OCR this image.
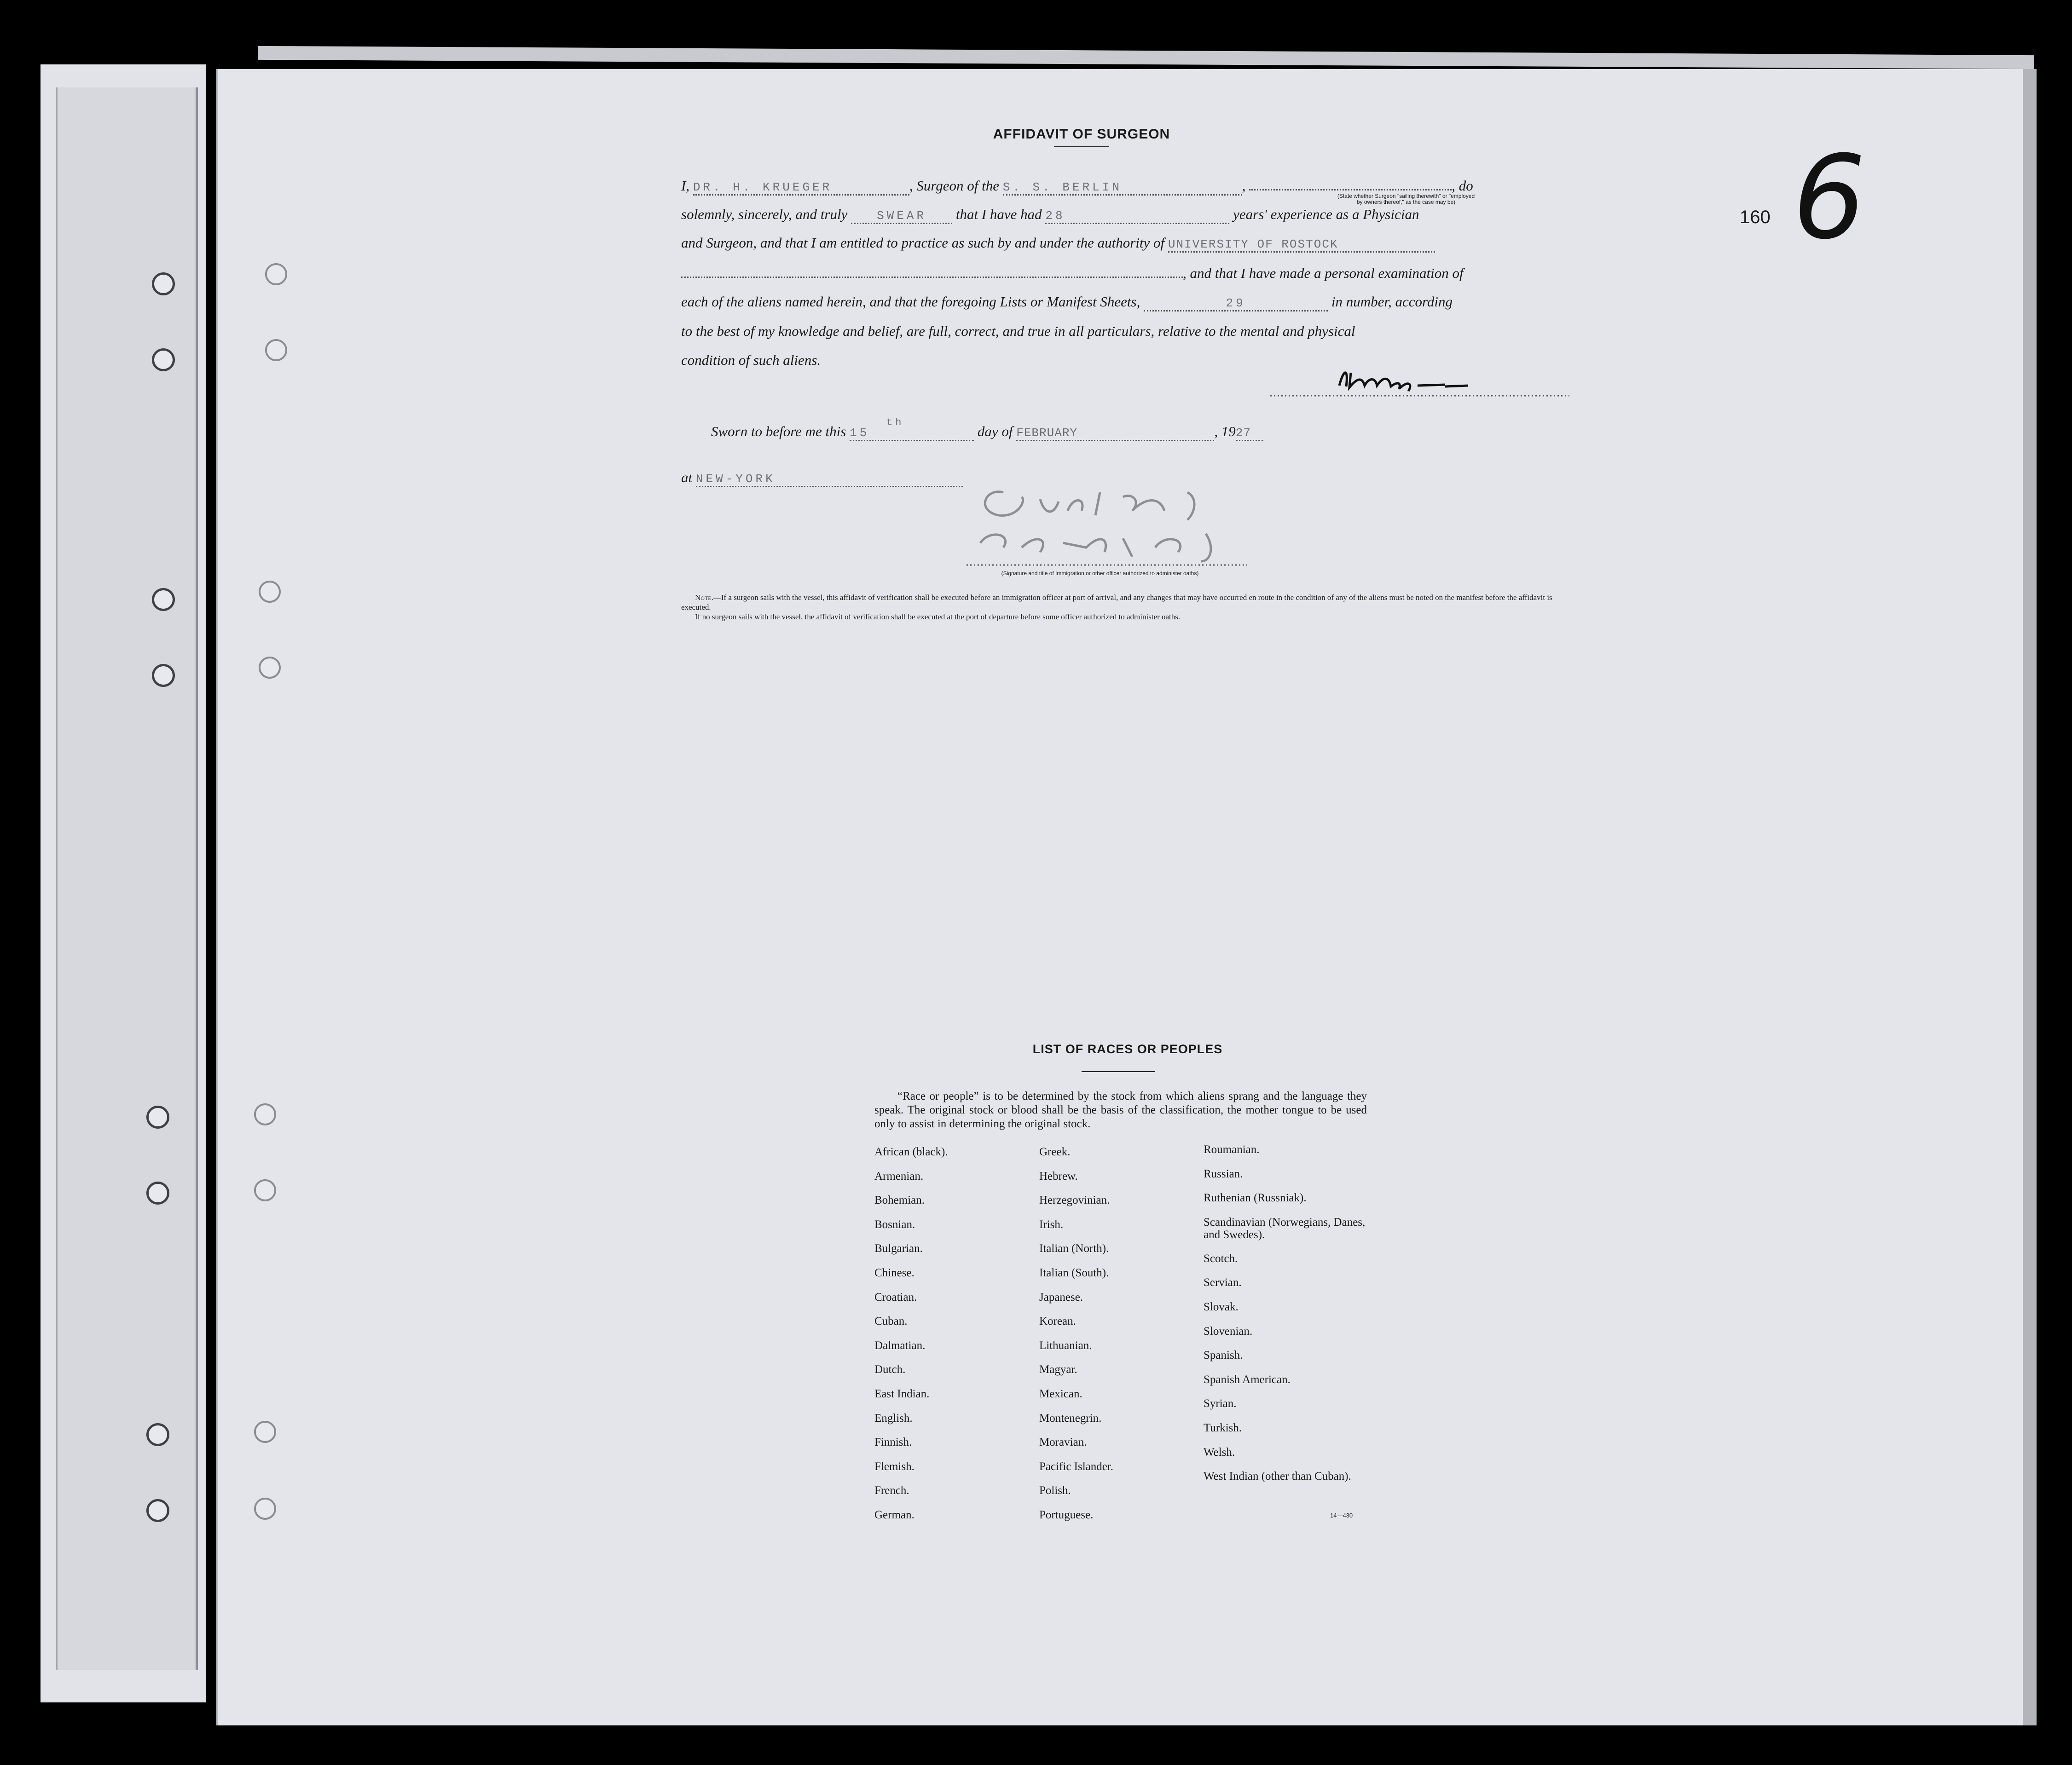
160 6
AFFIDAVIT OF SURGEON
I, DR. H. KRUEGER	, Surgeon of the S. S. BERLIN	,	, do
(State whether Surgeon "sailing therewith" or "employed by owners thereof," as the case may be)
solemnly, sincerely, and truly SWEAR that I have had 28	years' experience as a Physician
and Surgeon, and that I am entitled to practice as such by and under the authority of UNIVERSITY OF ROSTOCK
, and that I have made a personal examination of
each of the aliens named herein, and that the foregoing Lists or Manifest Sheets,	29	in number, according
to the best of my knowledge and belief, are full, correct, and true in all particulars, relative to the mental and physical
condition of such aliens.
Sworn to before me this 15
th
day of FEBRUARY	, 1927
at NEW-YORK
(Signature and title of Immigration or other officer authorized to administer oaths)
Note.—If a surgeon sails with the vessel, this affidavit of verification shall be executed before an immigration officer at port of arrival, and any changes that may have occurred en route in the condition of any of the aliens must be noted on the manifest before the affidavit is executed.
If no surgeon sails with the vessel, the affidavit of verification shall be executed at the port of departure before some officer authorized to administer oaths.
LIST OF RACES OR PEOPLES
“Race or people” is to be determined by the stock from which aliens sprang and the language they speak. The original stock or blood shall be the basis of the classification, the mother tongue to be used only to assist in determining the original stock.
African (black).
Armenian.
Bohemian.
Bosnian.
Bulgarian.
Chinese.
Croatian.
Cuban.
Dalmatian.
Dutch.
East Indian.
English.
Finnish.
Flemish.
French.
German.
Greek.
Hebrew.
Herzegovinian.
Irish.
Italian (North).
Italian (South).
Japanese.
Korean.
Lithuanian.
Magyar.
Mexican.
Montenegrin.
Moravian.
Pacific Islander.
Polish.
Portuguese.
Roumanian.
Russian.
Ruthenian (Russniak).
Scandinavian (Norwegians, Danes, and Swedes).
Scotch.
Servian.
Slovak.
Slovenian.
Spanish.
Spanish American.
Syrian.
Turkish.
Welsh.
West Indian (other than Cuban).
14—430
